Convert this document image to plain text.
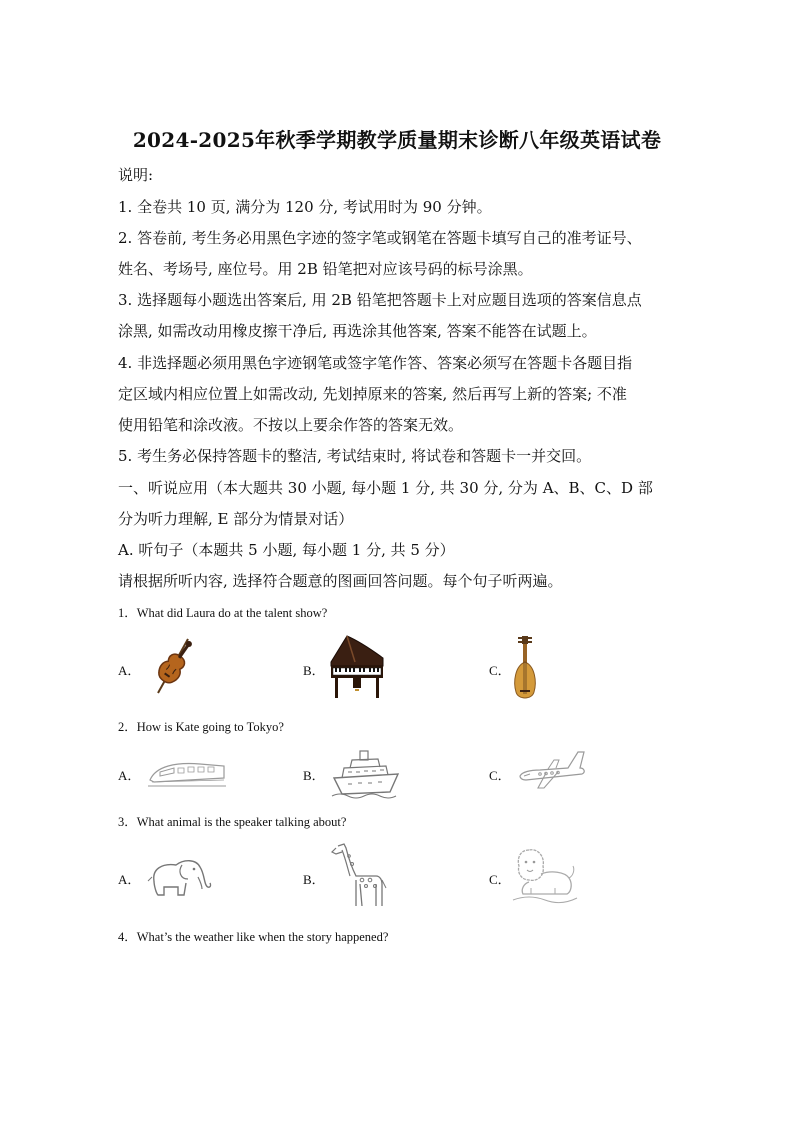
2024-2025年秋季学期教学质量期末诊断八年级英语试卷
说明:
1. 全卷共 10 页, 满分为 120 分, 考试用时为 90 分钟。
2. 答卷前, 考生务必用黑色字迹的签字笔或钢笔在答题卡填写自己的准考证号、
姓名、考场号, 座位号。用 2B 铅笔把对应该号码的标号涂黑。
3. 选择题每小题选出答案后, 用 2B 铅笔把答题卡上对应题目选项的答案信息点
涂黑, 如需改动用橡皮擦干净后, 再选涂其他答案, 答案不能答在试题上。
4. 非选择题必须用黑色字迹钢笔或签字笔作答、答案必须写在答题卡各题目指
定区域内相应位置上如需改动, 先划掉原来的答案, 然后再写上新的答案; 不准
使用铅笔和涂改液。不按以上要余作答的答案无效。
5. 考生务必保持答题卡的整洁, 考试结束时, 将试卷和答题卡一并交回。
一、听说应用（本大题共 30 小题, 每小题 1 分, 共 30 分, 分为 A、B、C、D 部
分为听力理解, E 部分为情景对话）
A. 听句子（本题共 5 小题, 每小题 1 分, 共 5 分）
请根据所听内容, 选择符合题意的图画回答问题。每个句子听两遍。
1．What did Laura do at the talent show?
A．	B．	C．
2．How is Kate going to Tokyo?
A．	B．	C．
3．What animal is the speaker talking about?
A．	B．	C．
4．What’s the weather like when the story happened?
